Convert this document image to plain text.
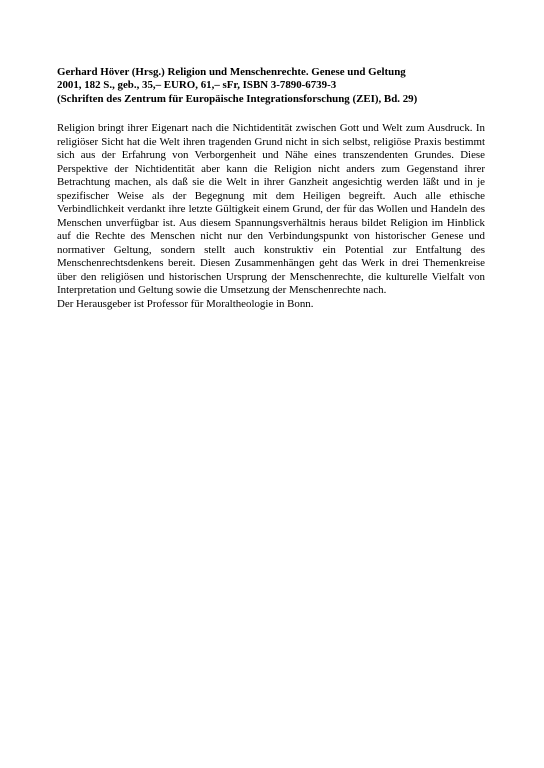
Gerhard Höver (Hrsg.) Religion und Menschenrechte. Genese und Geltung
2001, 182 S., geb., 35,– EURO, 61,– sFr, ISBN 3-7890-6739-3
(Schriften des Zentrum für Europäische Integrationsforschung (ZEI), Bd. 29)

Religion bringt ihrer Eigenart nach die Nichtidentität zwischen Gott und Welt zum Ausdruck. In religiöser Sicht hat die Welt ihren tragenden Grund nicht in sich selbst, religiöse Praxis bestimmt sich aus der Erfahrung von Verborgenheit und Nähe eines transzendenten Grundes. Diese Perspektive der Nichtidentität aber kann die Religion nicht anders zum Gegenstand ihrer Betrachtung machen, als daß sie die Welt in ihrer Ganzheit angesichtig werden läßt und in je spezifischer Weise als der Begegnung mit dem Heiligen begreift. Auch alle ethische Verbindlichkeit verdankt ihre letzte Gültigkeit einem Grund, der für das Wollen und Handeln des Menschen unverfügbar ist. Aus diesem Spannungsverhältnis heraus bildet Religion im Hinblick auf die Rechte des Menschen nicht nur den Verbindungspunkt von historischer Genese und normativer Geltung, sondern stellt auch konstruktiv ein Potential zur Entfaltung des Menschenrechtsdenkens bereit. Diesen Zusammenhängen geht das Werk in drei Themenkreise über den religiösen und historischen Ursprung der Menschenrechte, die kulturelle Vielfalt von Interpretation und Geltung sowie die Umsetzung der Menschenrechte nach.

Der Herausgeber ist Professor für Moraltheologie in Bonn.
